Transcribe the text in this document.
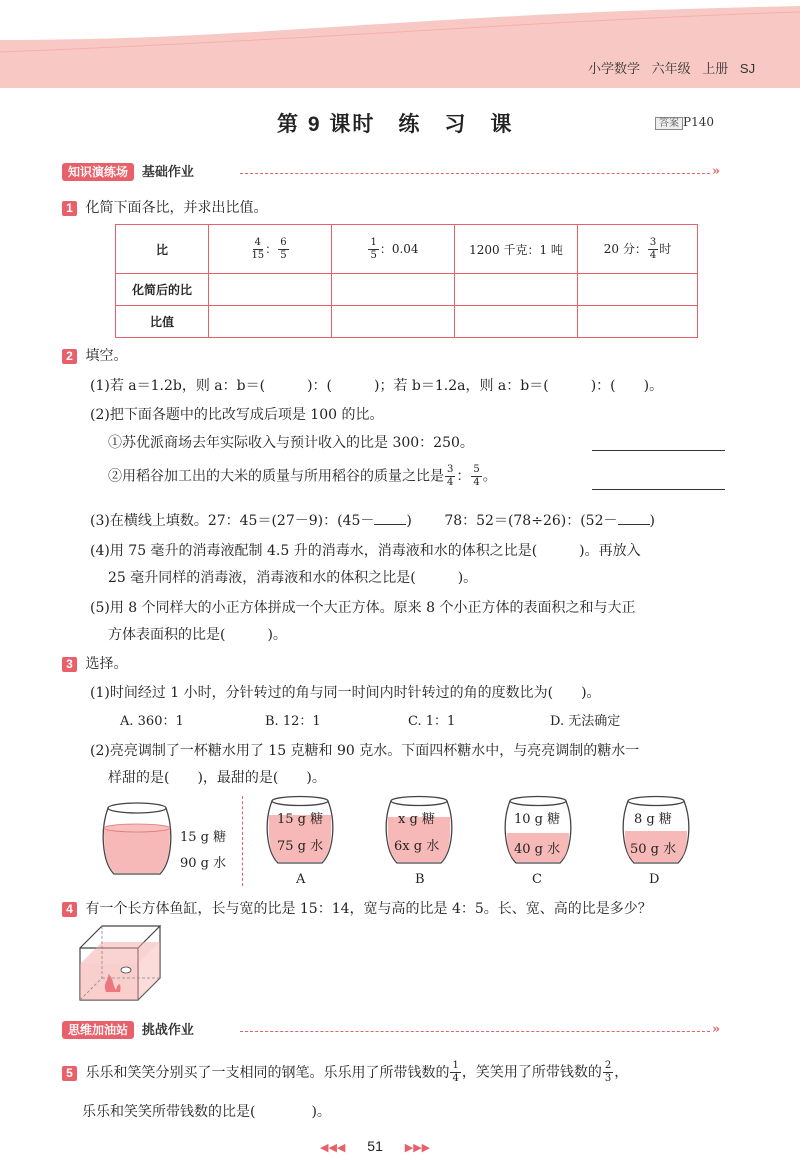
小学数学 六年级 上册 SJ
第 9 课时　练　习　课	答案 P140
知识演练场 基础作业	»
1 化简下面各比，并求出比值。
比	$\frac{4}{15}$ ： $\frac{6}{5}$	$\frac{1}{5}$ ：0.04	1200 千克：1 吨	20 分： $\frac{3}{4}$ 时
化简后的比				
比值				
2 填空。
(1)若 a＝1.2b，则 a：b＝(　　　)：(　　　)；若 b＝1.2a，则 a：b＝(　　　)：(　　)。
(2)把下面各题中的比改写成后项是 100 的比。
①苏优派商场去年实际收入与预计收入的比是 300：250。
②用稻谷加工出的大米的质量与所用稻谷的质量之比是 $\frac{3}{4}$ ： $\frac{5}{4}$ 。
(3)在横线上填数。27：45＝(27－9)：(45－ ) 78：52＝(78÷26)：(52－ )
(4)用 75 毫升的消毒液配制 4.5 升的消毒水，消毒液和水的体积之比是(　　　)。再放入
25 毫升同样的消毒液，消毒液和水的体积之比是(　　　)。
(5)用 8 个同样大的小正方体拼成一个大正方体。原来 8 个小正方体的表面积之和与大正
方体表面积的比是(　　　)。
3 选择。
(1)时间经过 1 小时，分针转过的角与同一时间内时针转过的角的度数比为(　　)。
A. 360：1	B. 12：1	C. 1：1	D. 无法确定
(2)亮亮调制了一杯糖水用了 15 克糖和 90 克水。下面四杯糖水中，与亮亮调制的糖水一
样甜的是(　　)，最甜的是(　　)。
15 g 糖
90 g 水
15 g 糖
75 g 水
A
x g 糖
6x g 水
B
10 g 糖
40 g 水
C
8 g 糖
50 g 水
D
4 有一个长方体鱼缸，长与宽的比是 15：14，宽与高的比是 4：5。长、宽、高的比是多少？
思维加油站 挑战作业	»
5 乐乐和笑笑分别买了一支相同的钢笔。乐乐用了所带钱数的 $\frac{1}{4}$ ，笑笑用了所带钱数的 $\frac{2}{3}$ ，
乐乐和笑笑所带钱数的比是(　　　　)。
◀◀◀ 51 ▶▶▶
